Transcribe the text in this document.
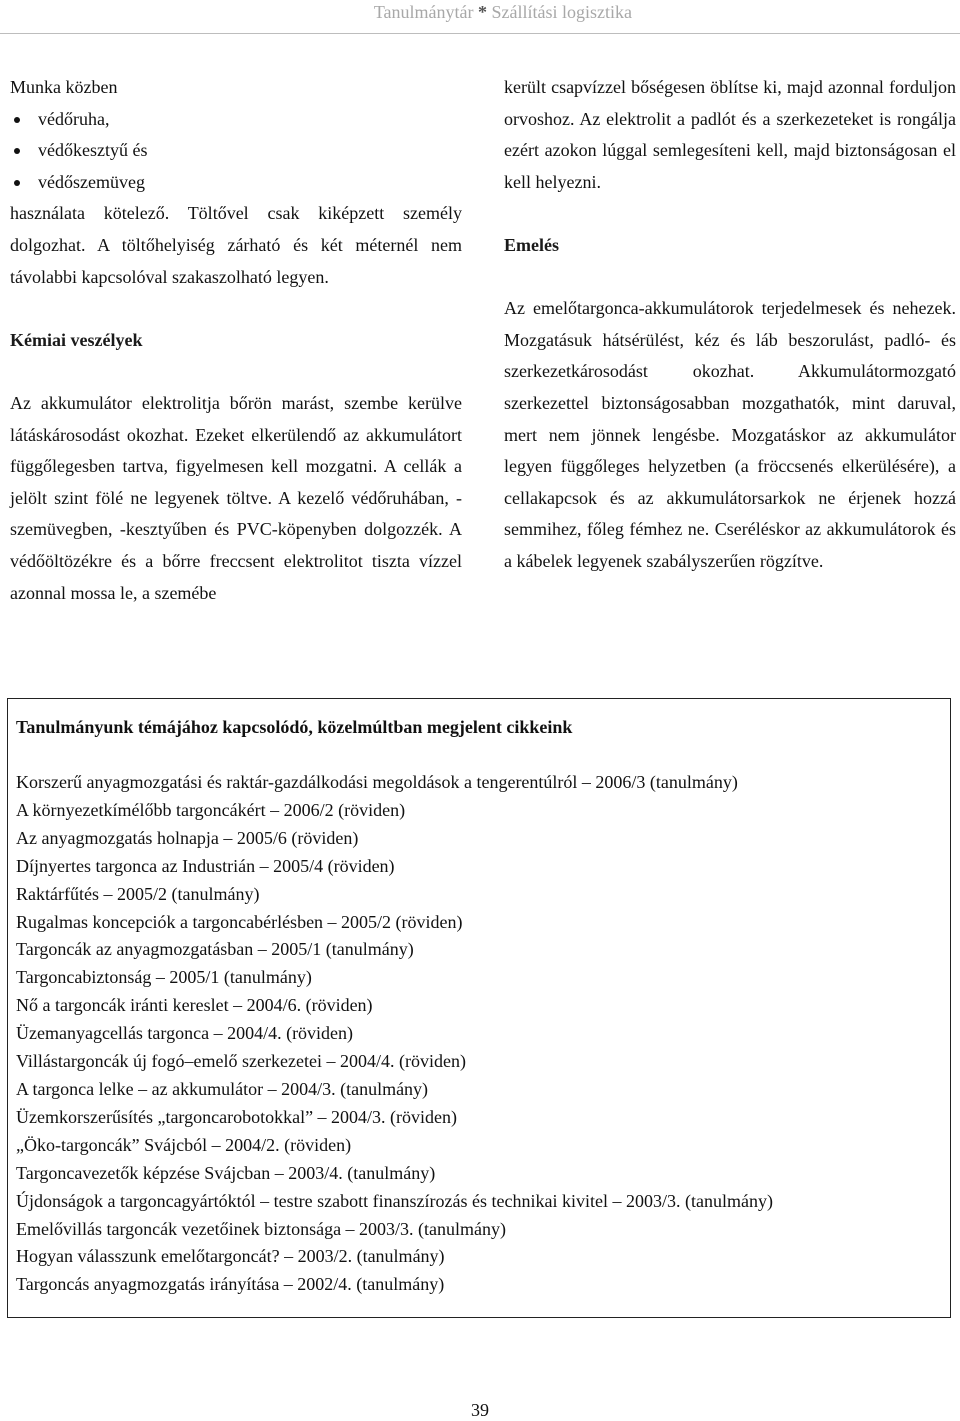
Tanulmánytár * Szállítási logisztika

Munka közben

védőruha,
védőkesztyű és
védőszemüveg

használata kötelező. Töltővel csak kiképzett személy dolgozhat. A töltőhelyiség zárható és két méternél nem távolabbi kapcsolóval szakaszolható legyen.

Kémiai veszélyek

Az akkumulátor elektrolitja bőrön marást, szembe kerülve látáskárosodást okozhat. Ezeket elkerülendő az akkumulátort függőlegesben tartva, figyelmesen kell mozgatni. A cellák a jelölt szint fölé ne legyenek töltve. A kezelő védőruhában, -szemüvegben, -kesztyűben és PVC-köpenyben dolgozzék. A védőöltözékre és a bőrre freccsent elektrolitot tiszta vízzel azonnal mossa le, a szemébe

került csapvízzel bőségesen öblítse ki, majd azonnal forduljon orvoshoz. Az elektrolit a padlót és a szerkezeteket is rongálja ezért azokon lúggal semlegesíteni kell, majd biztonságosan el kell helyezni.

Emelés

Az emelőtargonca-akkumulátorok terjedelmesek és nehezek. Mozgatásuk hátsérülést, kéz és láb beszorulást, padló- és szerkezetkárosodást okozhat. Akkumulátormozgató szerkezettel biztonságosabban mozgathatók, mint daruval, mert nem jönnek lengésbe. Mozgatáskor az akkumulátor legyen függőleges helyzetben (a fröccsenés elkerülésére), a cellakapcsok és az akkumulátorsarkok ne érjenek hozzá semmihez, főleg fémhez ne. Cseréléskor az akkumulátorok és a kábelek legyenek szabályszerűen rögzítve.

Tanulmányunk témájához kapcsolódó, közelmúltban megjelent cikkeink
Korszerű anyagmozgatási és raktár-gazdálkodási megoldások a tengerentúlról – 2006/3 (tanulmány)
A környezetkímélőbb targoncákért – 2006/2 (röviden)
Az anyagmozgatás holnapja – 2005/6 (röviden)
Díjnyertes targonca az Industrián – 2005/4 (röviden)
Raktárfűtés – 2005/2 (tanulmány)
Rugalmas koncepciók a targoncabérlésben – 2005/2 (röviden)
Targoncák az anyagmozgatásban – 2005/1 (tanulmány)
Targoncabiztonság – 2005/1 (tanulmány)
Nő a targoncák iránti kereslet – 2004/6. (röviden)
Üzemanyagcellás targonca – 2004/4. (röviden)
Villástargoncák új fogó–emelő szerkezetei – 2004/4. (röviden)
A targonca lelke – az akkumulátor – 2004/3. (tanulmány)
Üzemkorszerűsítés „targoncarobotokkal” – 2004/3. (röviden)
„Öko-targoncák” Svájcból – 2004/2. (röviden)
Targoncavezetők képzése Svájcban – 2003/4. (tanulmány)
Újdonságok a targoncagyártóktól – testre szabott finanszírozás és technikai kivitel – 2003/3. (tanulmány)
Emelővillás targoncák vezetőinek biztonsága – 2003/3. (tanulmány)
Hogyan válasszunk emelőtargoncát? – 2003/2. (tanulmány)
Targoncás anyagmozgatás irányítása – 2002/4. (tanulmány)
39
